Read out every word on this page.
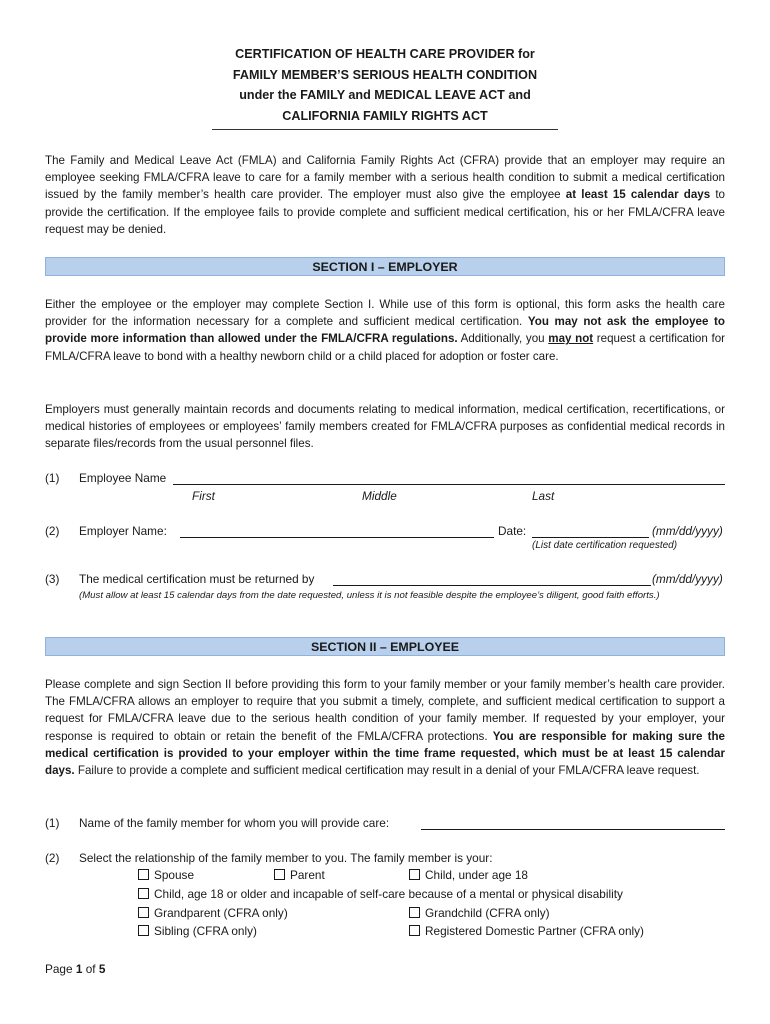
CERTIFICATION OF HEALTH CARE PROVIDER for
FAMILY MEMBER’S SERIOUS HEALTH CONDITION
under the FAMILY and MEDICAL LEAVE ACT and
CALIFORNIA FAMILY RIGHTS ACT
The Family and Medical Leave Act (FMLA) and California Family Rights Act (CFRA) provide that an employer may require an employee seeking FMLA/CFRA leave to care for a family member with a serious health condition to submit a medical certification issued by the family member’s health care provider. The employer must also give the employee at least 15 calendar days to provide the certification. If the employee fails to provide complete and sufficient medical certification, his or her FMLA/CFRA leave request may be denied.
SECTION I – EMPLOYER
Either the employee or the employer may complete Section I. While use of this form is optional, this form asks the health care provider for the information necessary for a complete and sufficient medical certification. You may not ask the employee to provide more information than allowed under the FMLA/CFRA regulations. Additionally, you may not request a certification for FMLA/CFRA leave to bond with a healthy newborn child or a child placed for adoption or foster care.
Employers must generally maintain records and documents relating to medical information, medical certification, recertifications, or medical histories of employees or employees’ family members created for FMLA/CFRA purposes as confidential medical records in separate files/records from the usual personnel files.
(1) Employee Name
First	Middle	Last
(2) Employer Name:	Date:	(mm/dd/yyyy)
(List date certification requested)
(3) The medical certification must be returned by	(mm/dd/yyyy)
(Must allow at least 15 calendar days from the date requested, unless it is not feasible despite the employee’s diligent, good faith efforts.)
SECTION II – EMPLOYEE
Please complete and sign Section II before providing this form to your family member or your family member’s health care provider. The FMLA/CFRA allows an employer to require that you submit a timely, complete, and sufficient medical certification to support a request for FMLA/CFRA leave due to the serious health condition of your family member. If requested by your employer, your response is required to obtain or retain the benefit of the FMLA/CFRA protections. You are responsible for making sure the medical certification is provided to your employer within the time frame requested, which must be at least 15 calendar days. Failure to provide a complete and sufficient medical certification may result in a denial of your FMLA/CFRA leave request.
(1) Name of the family member for whom you will provide care:
(2) Select the relationship of the family member to you. The family member is your:
Spouse	Parent	Child, under age 18
Child, age 18 or older and incapable of self-care because of a mental or physical disability
Grandparent (CFRA only)	Grandchild (CFRA only)
Sibling (CFRA only)	Registered Domestic Partner (CFRA only)
Page 1 of 5
